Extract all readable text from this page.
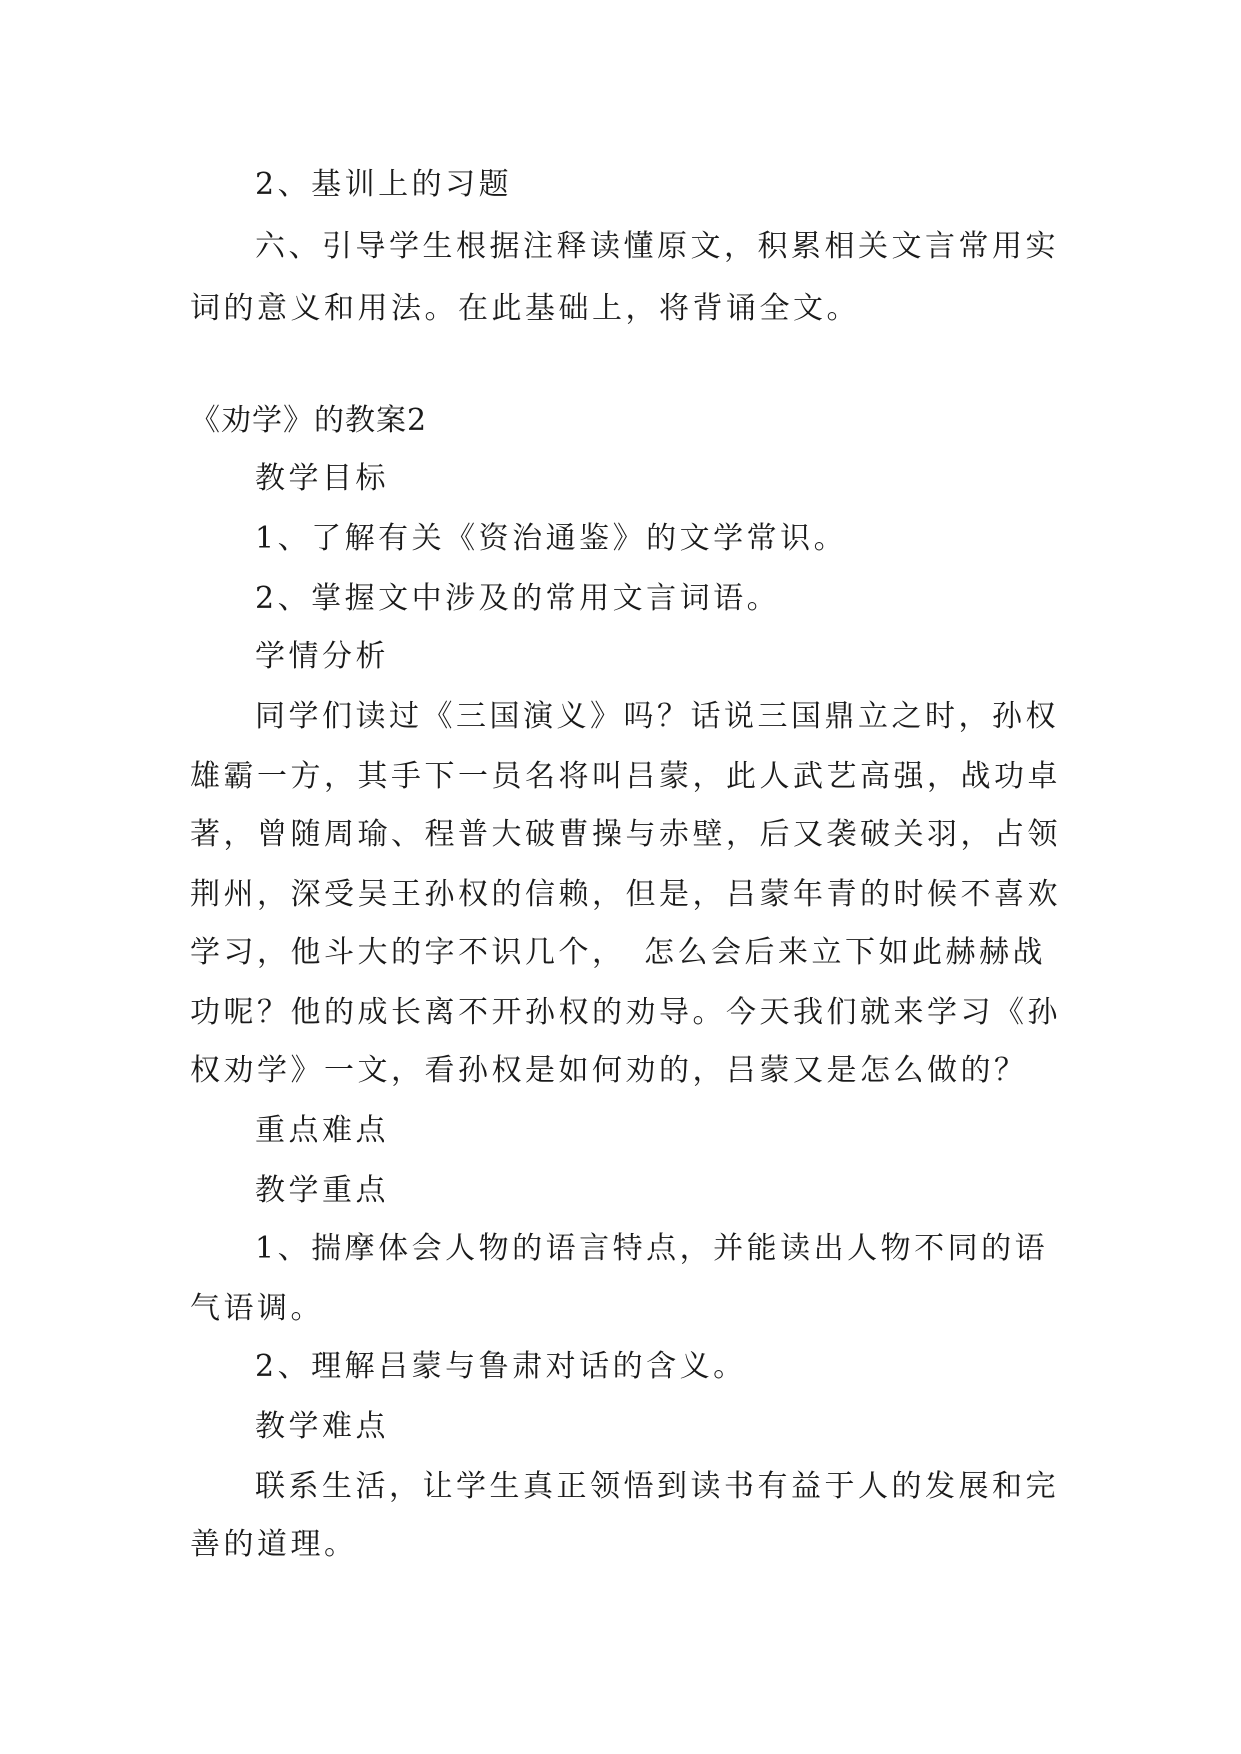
2、基训上的习题
六、引导学生根据注释读懂原文，积累相关文言常用实
词的意义和用法。在此基础上，将背诵全文。
《劝学》的教案2
教学目标
1、了解有关《资治通鉴》的文学常识。
2、掌握文中涉及的常用文言词语。
学情分析
同学们读过《三国演义》吗？话说三国鼎立之时，孙权
雄霸一方，其手下一员名将叫吕蒙，此人武艺高强，战功卓
著，曾随周瑜、程普大破曹操与赤壁，后又袭破关羽，占领
荆州，深受吴王孙权的信赖，但是，吕蒙年青的时候不喜欢
学习，他斗大的字不识几个，　怎么会后来立下如此赫赫战
功呢？他的成长离不开孙权的劝导。今天我们就来学习《孙
权劝学》一文，看孙权是如何劝的，吕蒙又是怎么做的？
重点难点
教学重点
1、揣摩体会人物的语言特点，并能读出人物不同的语
气语调。
2、理解吕蒙与鲁肃对话的含义。
教学难点
联系生活，让学生真正领悟到读书有益于人的发展和完
善的道理。
